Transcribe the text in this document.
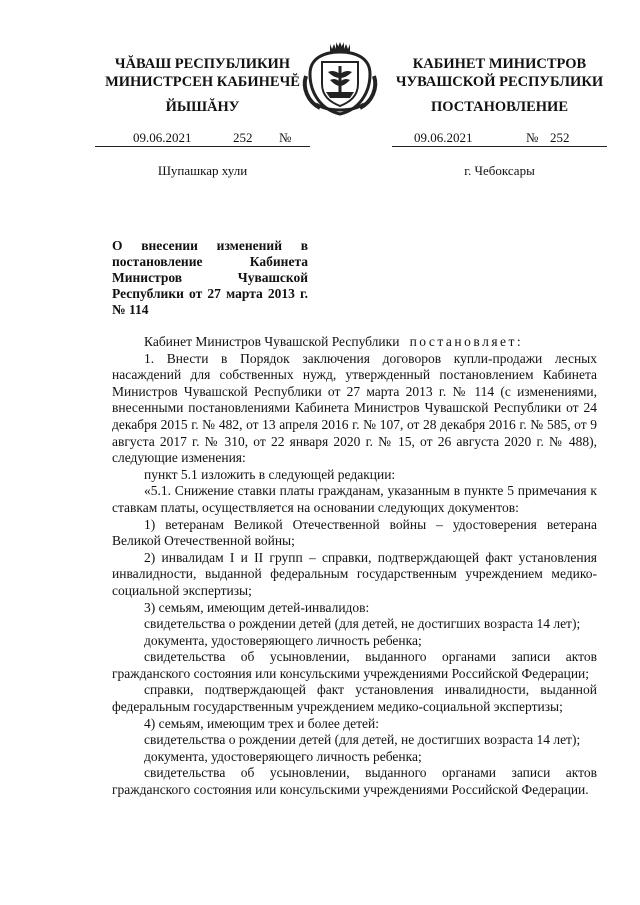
ЧĂВАШ РЕСПУБЛИКИН
МИНИСТРСЕН КАБИНЕЧĔ
ЙЫШĂНУ
КАБИНЕТ МИНИСТРОВ
ЧУВАШСКОЙ РЕСПУБЛИКИ
ПОСТАНОВЛЕНИЕ
09.06.2021	252 №	09.06.2021	№ 252
Шупашкар хули	г. Чебоксары
О внесении изменений в постановление Кабинета Министров Чувашской Республики от 27 марта 2013 г. № 114

Кабинет Министров Чувашской Республики постановляет:

1. Внести в Порядок заключения договоров купли-продажи лесных насаждений для собственных нужд, утвержденный постановлением Кабинета Министров Чувашской Республики от 27 марта 2013 г. № 114 (с изменениями, внесенными постановлениями Кабинета Министров Чувашской Республики от 24 декабря 2015 г. № 482, от 13 апреля 2016 г. № 107, от 28 декабря 2016 г. № 585, от 9 августа 2017 г. № 310, от 22 января 2020 г. № 15, от 26 августа 2020 г. № 488), следующие изменения:

пункт 5.1 изложить в следующей редакции:

«5.1. Снижение ставки платы гражданам, указанным в пункте 5 примечания к ставкам платы, осуществляется на основании следующих документов:

1) ветеранам Великой Отечественной войны – удостоверения ветерана Великой Отечественной войны;

2) инвалидам I и II групп – справки, подтверждающей факт установления инвалидности, выданной федеральным государственным учреждением медико-социальной экспертизы;

3) семьям, имеющим детей-инвалидов:

свидетельства о рождении детей (для детей, не достигших возраста 14 лет);

документа, удостоверяющего личность ребенка;

свидетельства об усыновлении, выданного органами записи актов гражданского состояния или консульскими учреждениями Российской Федерации;

справки, подтверждающей факт установления инвалидности, выданной федеральным государственным учреждением медико-социальной экспертизы;

4) семьям, имеющим трех и более детей:

свидетельства о рождении детей (для детей, не достигших возраста 14 лет);

документа, удостоверяющего личность ребенка;

свидетельства об усыновлении, выданного органами записи актов гражданского состояния или консульскими учреждениями Российской Федерации.
